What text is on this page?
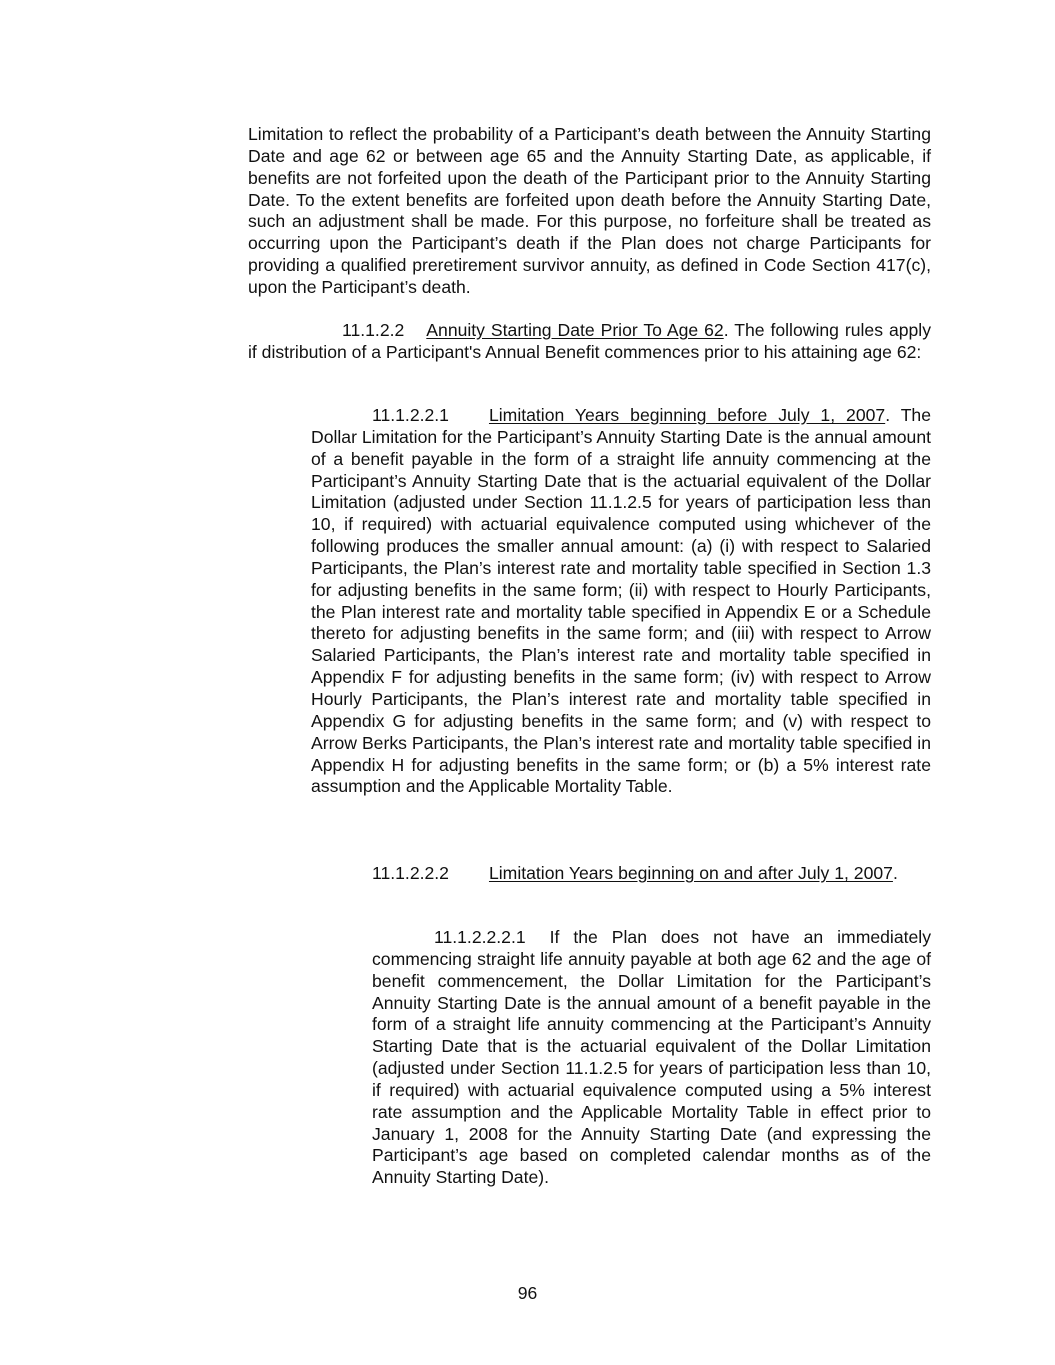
Limitation to reflect the probability of a Participant’s death between the Annuity Starting Date and age 62 or between age 65 and the Annuity Starting Date, as applicable, if benefits are not forfeited upon the death of the Participant prior to the Annuity Starting Date. To the extent benefits are forfeited upon death before the Annuity Starting Date, such an adjustment shall be made. For this purpose, no forfeiture shall be treated as occurring upon the Participant’s death if the Plan does not charge Participants for providing a qualified preretirement survivor annuity, as defined in Code Section 417(c), upon the Participant’s death.

11.1.2.2 Annuity Starting Date Prior To Age 62. The following rules apply if distribution of a Participant's Annual Benefit commences prior to his attaining age 62:

11.1.2.2.1 Limitation Years beginning before July 1, 2007. The Dollar Limitation for the Participant’s Annuity Starting Date is the annual amount of a benefit payable in the form of a straight life annuity commencing at the Participant’s Annuity Starting Date that is the actuarial equivalent of the Dollar Limitation (adjusted under Section 11.1.2.5 for years of participation less than 10, if required) with actuarial equivalence computed using whichever of the following produces the smaller annual amount: (a) (i) with respect to Salaried Participants, the Plan’s interest rate and mortality table specified in Section 1.3 for adjusting benefits in the same form; (ii) with respect to Hourly Participants, the Plan interest rate and mortality table specified in Appendix E or a Schedule thereto for adjusting benefits in the same form; and (iii) with respect to Arrow Salaried Participants, the Plan’s interest rate and mortality table specified in Appendix F for adjusting benefits in the same form; (iv) with respect to Arrow Hourly Participants, the Plan’s interest rate and mortality table specified in Appendix G for adjusting benefits in the same form; and (v) with respect to Arrow Berks Participants, the Plan’s interest rate and mortality table specified in Appendix H for adjusting benefits in the same form; or (b) a 5% interest rate assumption and the Applicable Mortality Table.

11.1.2.2.2 Limitation Years beginning on and after July 1, 2007.

11.1.2.2.2.1 If the Plan does not have an immediately commencing straight life annuity payable at both age 62 and the age of benefit commencement, the Dollar Limitation for the Participant’s Annuity Starting Date is the annual amount of a benefit payable in the form of a straight life annuity commencing at the Participant’s Annuity Starting Date that is the actuarial equivalent of the Dollar Limitation (adjusted under Section 11.1.2.5 for years of participation less than 10, if required) with actuarial equivalence computed using a 5% interest rate assumption and the Applicable Mortality Table in effect prior to January 1, 2008 for the Annuity Starting Date (and expressing the Participant’s age based on completed calendar months as of the Annuity Starting Date).

96
